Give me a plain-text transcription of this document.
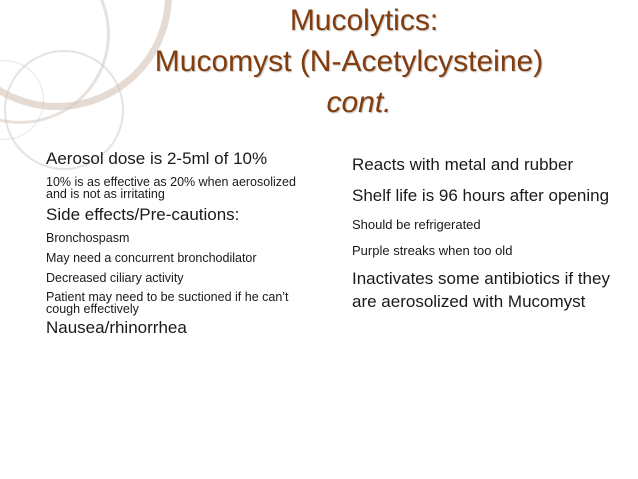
Mucolytics:
Mucomyst (N-Acetylcysteine)
cont.

Aerosol dose is 2-5ml of 10%

10% is as effective as 20% when aerosolized and is not as irritating

Side effects/Pre-cautions:

Bronchospasm

May need a concurrent bronchodilator

Decreased ciliary activity

Patient may need to be suctioned if he can’t cough effectively

Nausea/rhinorrhea

Reacts with metal and rubber

Shelf life is 96 hours after opening

Should be refrigerated

Purple streaks when too old

Inactivates some antibiotics if they are aerosolized with Mucomyst
